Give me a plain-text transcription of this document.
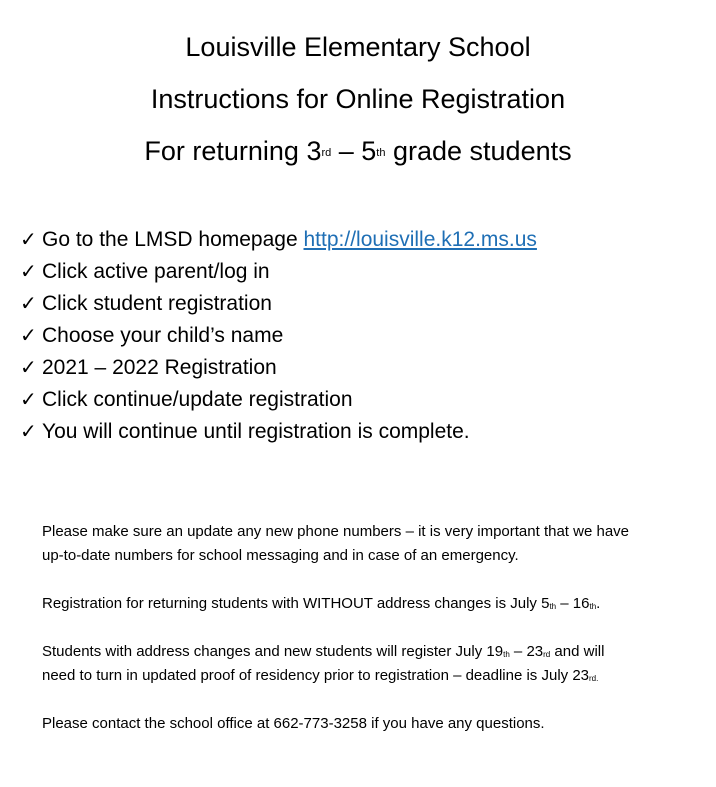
Louisville Elementary School
Instructions for Online Registration
For returning 3rd – 5th grade students
✓ Go to the LMSD homepage http://louisville.k12.ms.us
✓ Click active parent/log in
✓ Click student registration
✓ Choose your child’s name
✓ 2021 – 2022 Registration
✓ Click continue/update registration
✓ You will continue until registration is complete.
Please make sure an update any new phone numbers – it is very important that we have
up-to-date numbers for school messaging and in case of an emergency.
Registration for returning students with WITHOUT address changes is July 5th – 16th.
Students with address changes and new students will register July 19th – 23rd and will
need to turn in updated proof of residency prior to registration – deadline is July $23^{rd.}$
Please contact the school office at 662-773-3258 if you have any questions.
